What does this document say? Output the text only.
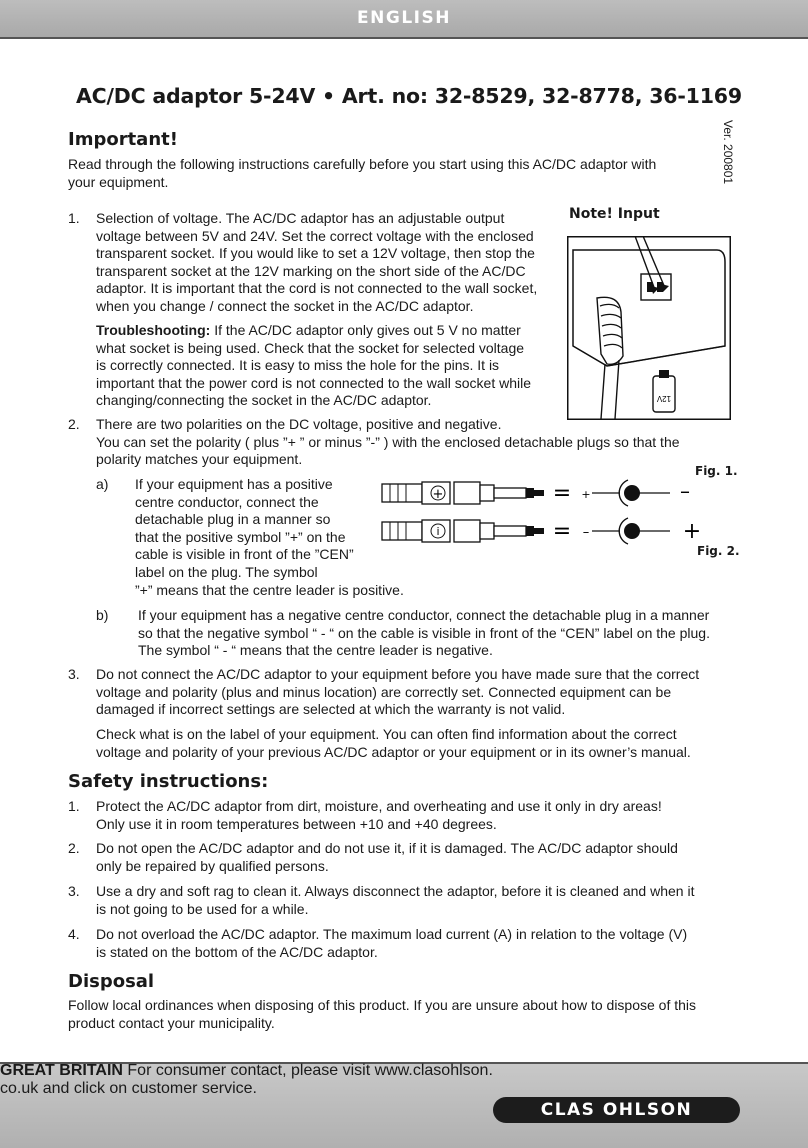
ENGLISH
Ver. 200801
AC/DC adaptor 5-24V • Art. no: 32-8529, 32-8778, 36-1169
Important!
Read through the following instructions carefully before you start using this AC/DC adaptor with
your equipment.
1. Selection of voltage. The AC/DC adaptor has an adjustable output
voltage between 5V and 24V. Set the correct voltage with the enclosed
transparent socket. If you would like to set a 12V voltage, then stop the
transparent socket at the 12V marking on the short side of the AC/DC
adaptor. It is important that the cord is not connected to the wall socket,
when you change / connect the socket in the AC/DC adaptor.
Troubleshooting: If the AC/DC adaptor only gives out 5 V no matter
what socket is being used. Check that the socket for selected voltage
is correctly connected. It is easy to miss the hole for the pins. It is
important that the power cord is not connected to the wall socket while
changing/connecting the socket in the AC/DC adaptor.
Note! Input
12V
2. There are two polarities on the DC voltage, positive and negative.
You can set the polarity ( plus ”+ ” or minus ”-” ) with the enclosed detachable plugs so that the
polarity matches your equipment.
a) If your equipment has a positive
centre conductor, connect the
detachable plug in a manner so
that the positive symbol ”+” on the
cable is visible in front of the ”CEN”
label on the plug. The symbol
”+” means that the centre leader is positive.
Fig. 1.
Fig. 2.
+	= +	–
i	= –	+
b) If your equipment has a negative centre conductor, connect the detachable plug in a manner
so that the negative symbol “ - “ on the cable is visible in front of the “CEN” label on the plug.
The symbol “ - “ means that the centre leader is negative.
3. Do not connect the AC/DC adaptor to your equipment before you have made sure that the correct
voltage and polarity (plus and minus location) are correctly set. Connected equipment can be
damaged if incorrect settings are selected at which the warranty is not valid.
Check what is on the label of your equipment. You can often find information about the correct
voltage and polarity of your previous AC/DC adaptor or your equipment or in its owner’s manual.
Safety instructions:
1. Protect the AC/DC adaptor from dirt, moisture, and overheating and use it only in dry areas!
Only use it in room temperatures between +10 and +40 degrees.
2. Do not open the AC/DC adaptor and do not use it, if it is damaged. The AC/DC adaptor should
only be repaired by qualified persons.
3. Use a dry and soft rag to clean it. Always disconnect the adaptor, before it is cleaned and when it
is not going to be used for a while.
4. Do not overload the AC/DC adaptor. The maximum load current (A) in relation to the voltage (V)
is stated on the bottom of the AC/DC adaptor.
Disposal
Follow local ordinances when disposing of this product. If you are unsure about how to dispose of this
product contact your municipality.
GREAT BRITAIN For consumer contact, please visit www.clasohlson.
co.uk and click on customer service.
CLAS OHLSON
